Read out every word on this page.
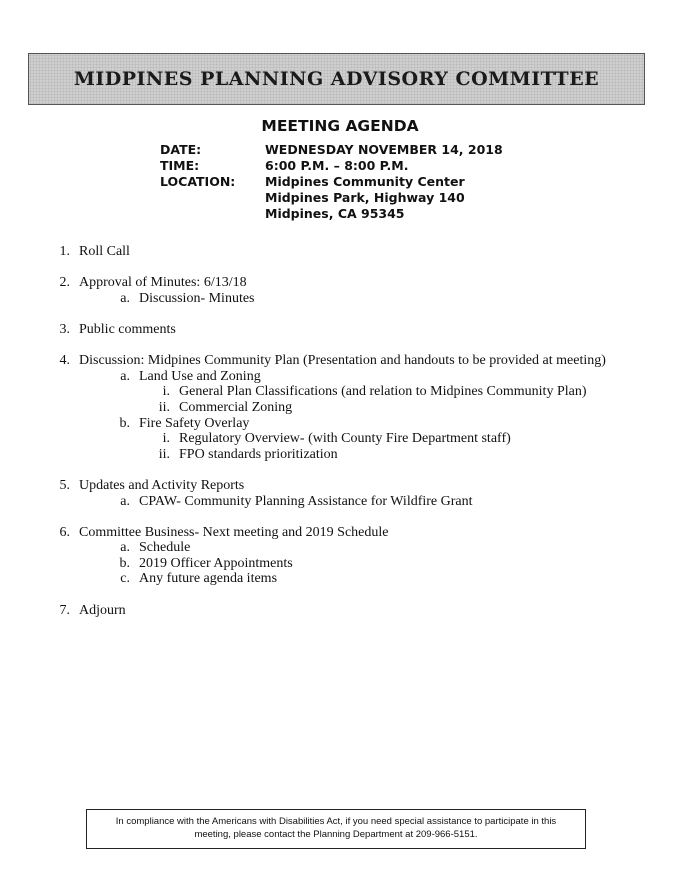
MIDPINES PLANNING ADVISORY COMMITTEE
MEETING AGENDA
DATE:	WEDNESDAY NOVEMBER 14, 2018
TIME:	6:00 P.M. – 8:00 P.M.
LOCATION:	Midpines Community Center
Midpines Park, Highway 140
Midpines, CA 95345
1. Roll Call
2. Approval of Minutes: 6/13/18
a. Discussion- Minutes
3. Public comments
4. Discussion: Midpines Community Plan (Presentation and handouts to be provided at meeting)
a. Land Use and Zoning
i. General Plan Classifications (and relation to Midpines Community Plan)
ii. Commercial Zoning
b. Fire Safety Overlay
i. Regulatory Overview- (with County Fire Department staff)
ii. FPO standards prioritization
5. Updates and Activity Reports
a. CPAW- Community Planning Assistance for Wildfire Grant
6. Committee Business- Next meeting and 2019 Schedule
a. Schedule
b. 2019 Officer Appointments
c. Any future agenda items
7. Adjourn
In compliance with the Americans with Disabilities Act, if you need special assistance to participate in this
meeting, please contact the Planning Department at 209-966-5151.
